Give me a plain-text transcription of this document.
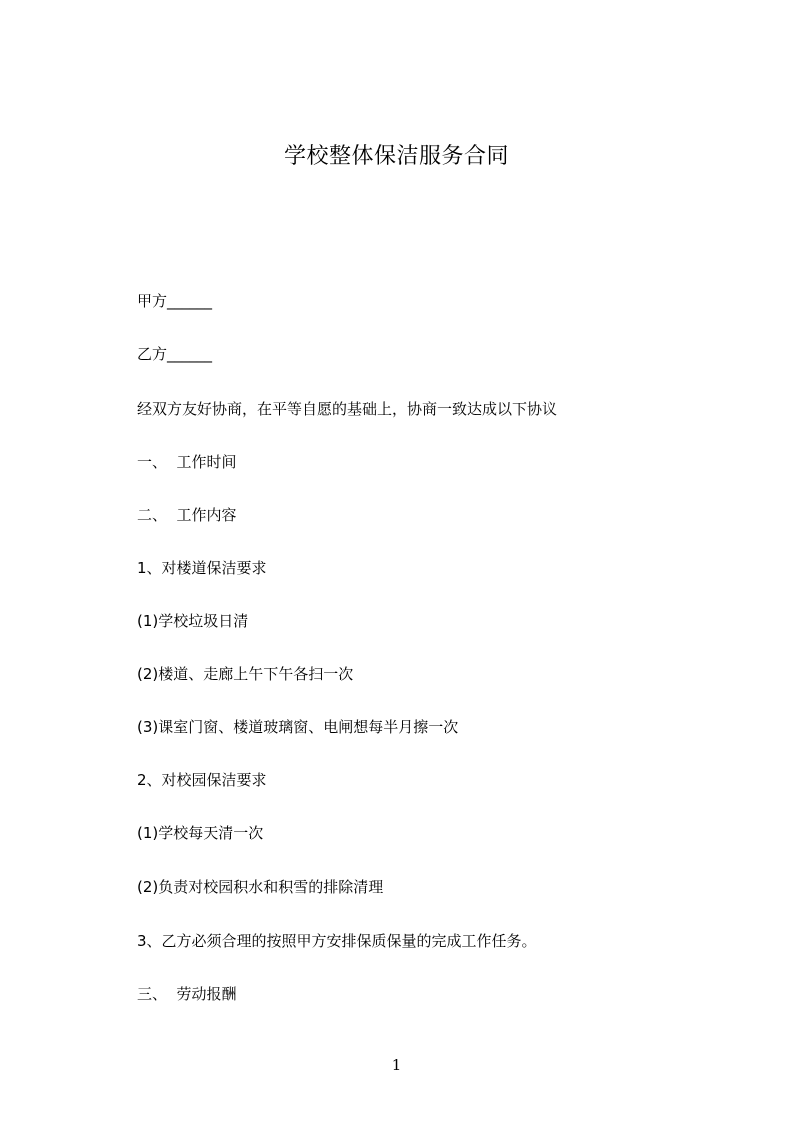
学校整体保洁服务合同
甲方______
乙方______
经双方友好协商，在平等自愿的基础上，协商一致达成以下协议
一、  工作时间
二、  工作内容
1、对楼道保洁要求
(1)学校垃圾日清
(2)楼道、走廊上午下午各扫一次
(3)课室门窗、楼道玻璃窗、电闸想每半月擦一次
2、对校园保洁要求
(1)学校每天清一次
(2)负责对校园积水和积雪的排除清理
3、乙方必须合理的按照甲方安排保质保量的完成工作任务。
三、  劳动报酬
1
